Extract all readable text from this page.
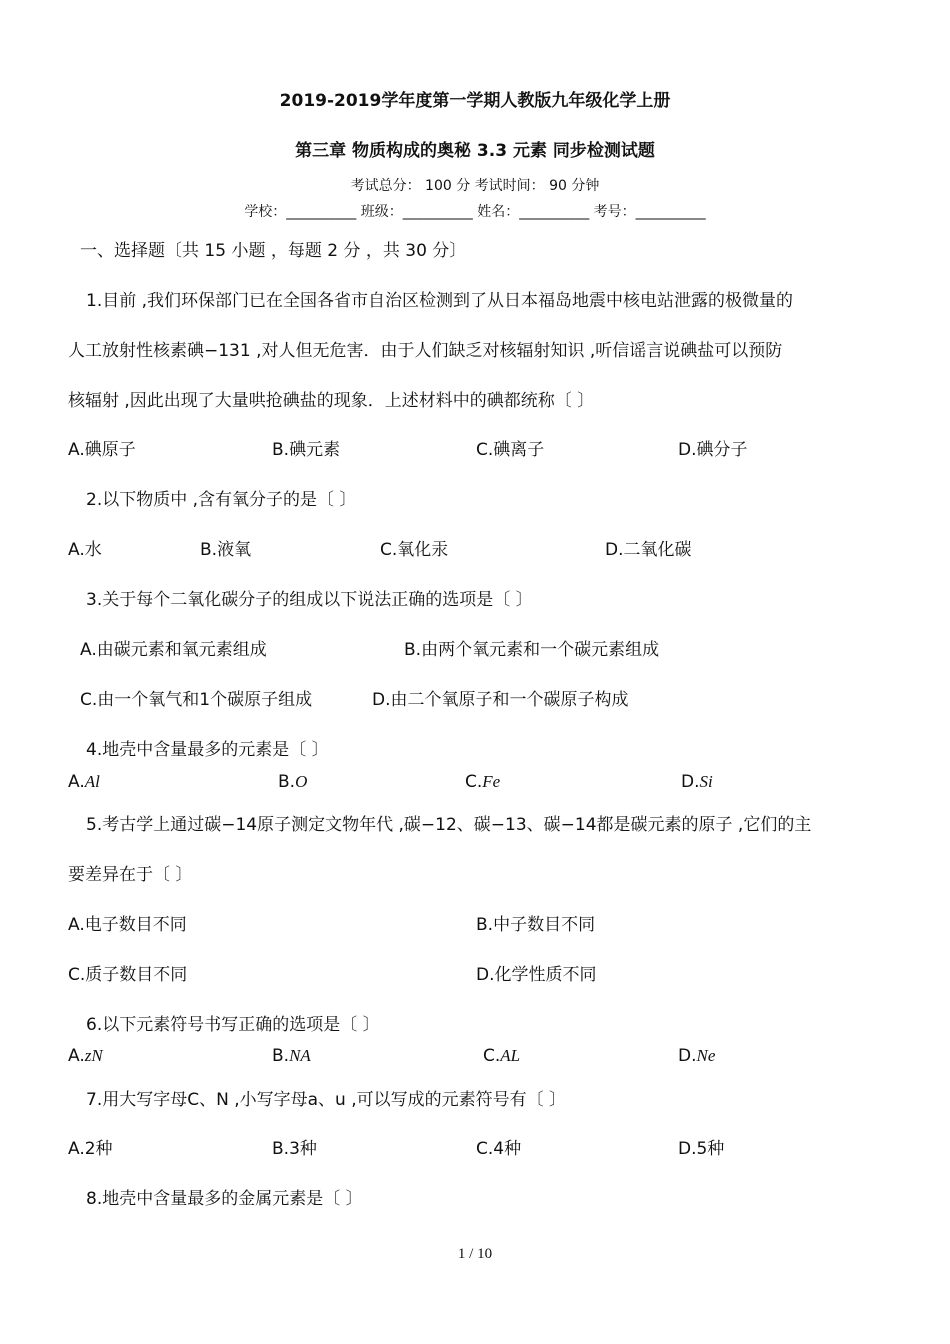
2019-2019学年度第一学期人教版九年级化学上册
第三章 物质构成的奥秘 3.3 元素 同步检测试题
考试总分： 100 分 考试时间： 90 分钟
学校：__________ 班级：__________ 姓名：__________ 考号：__________
一、选择题〔共 15 小题 ，每题 2 分 ，共 30 分〕
1.目前 ,我们环保部门已在全国各省市自治区检测到了从日本福岛地震中核电站泄露的极微量的
人工放射性核素碘−131 ,对人但无危害．由于人们缺乏对核辐射知识 ,听信谣言说碘盐可以预防
核辐射 ,因此出现了大量哄抢碘盐的现象．上述材料中的碘都统称〔 〕
A.碘原子	B.碘元素	C.碘离子	D.碘分子
2.以下物质中 ,含有氧分子的是〔 〕
A.水	B.液氧	C.氧化汞	D.二氧化碳
3.关于每个二氧化碳分子的组成以下说法正确的选项是〔 〕
A.由碳元素和氧元素组成	B.由两个氧元素和一个碳元素组成
C.由一个氧气和1个碳原子组成	D.由二个氧原子和一个碳原子构成
4.地壳中含量最多的元素是〔 〕
A.Al	B.O	C.Fe	D.Si
5.考古学上通过碳−14原子测定文物年代 ,碳−12、碳−13、碳−14都是碳元素的原子 ,它们的主
要差异在于〔 〕
A.电子数目不同	B.中子数目不同
C.质子数目不同	D.化学性质不同
6.以下元素符号书写正确的选项是〔 〕
A.zN	B.NA	C.AL	D.Ne
7.用大写字母C、N ,小写字母a、u ,可以写成的元素符号有〔 〕
A.2种	B.3种	C.4种	D.5种
8.地壳中含量最多的金属元素是〔 〕
1 / 10
